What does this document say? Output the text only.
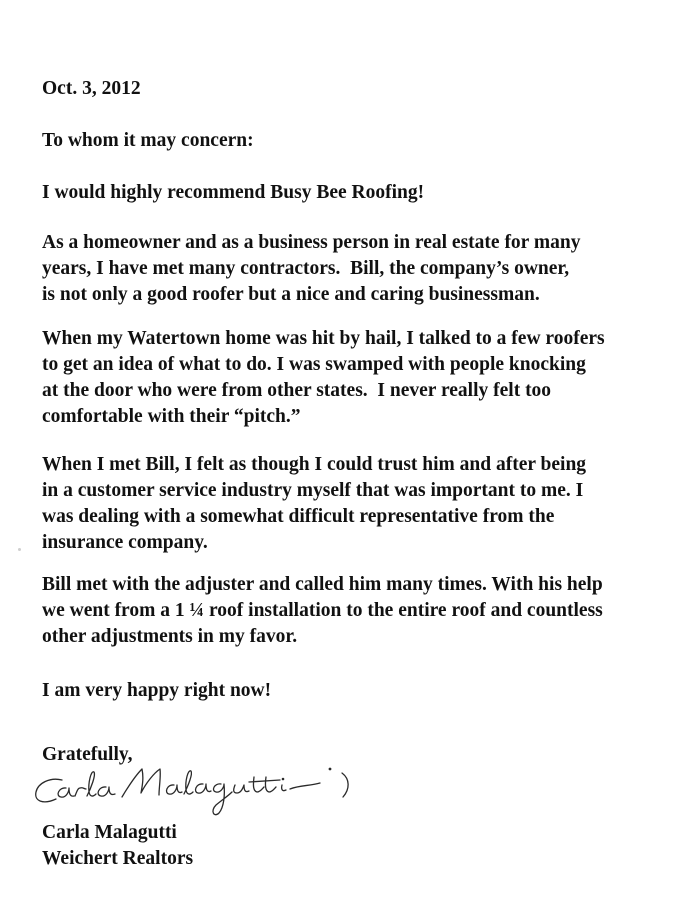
Oct. 3, 2012

To whom it may concern:

I would highly recommend Busy Bee Roofing!

As a homeowner and as a business person in real estate for many

years, I have met many contractors.  Bill, the company’s owner,

is not only a good roofer but a nice and caring businessman.

When my Watertown home was hit by hail, I talked to a few roofers

to get an idea of what to do. I was swamped with people knocking

at the door who were from other states.  I never really felt too

comfortable with their “pitch.”

When I met Bill, I felt as though I could trust him and after being

in a customer service industry myself that was important to me. I

was dealing with a somewhat difficult representative from the

insurance company.

Bill met with the adjuster and called him many times. With his help

we went from a 1 ¼ roof installation to the entire roof and countless

other adjustments in my favor.

I am very happy right now!

Gratefully,

Carla Malagutti

Weichert Realtors
